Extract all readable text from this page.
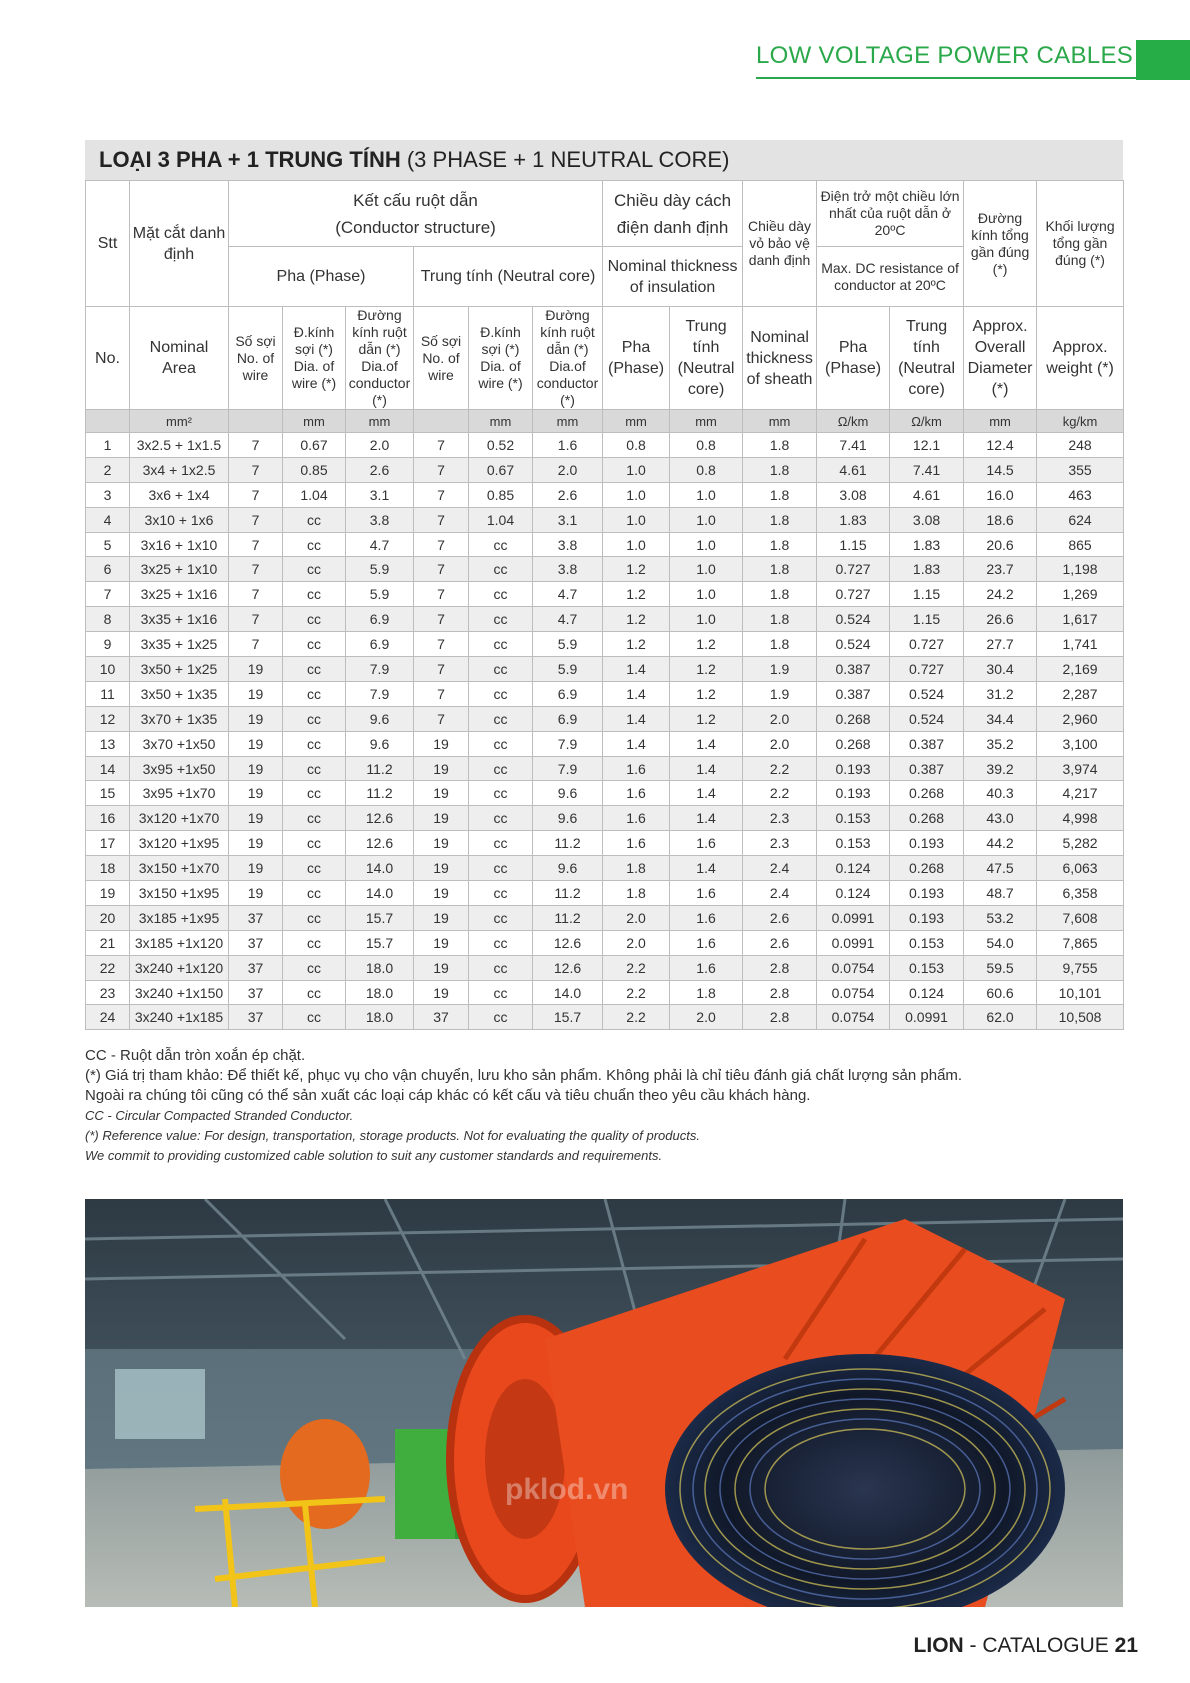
LOW VOLTAGE POWER CABLES
LOẠI 3 PHA + 1 TRUNG TÍNH (3 PHASE + 1 NEUTRAL CORE)
Stt	Mặt cắt danh định	Kết cấu ruột dẫn
(Conductor structure)						Chiều dày cách điện danh định		Chiều dày vỏ bảo vệ danh định	Điện trở một chiều lớn nhất của ruột dẫn ở 20ºC		Đường kính tổng gần đúng (*)	Khối lượng tổng gần đúng (*)
		Pha (Phase)			Trung tính (Neutral core)			Nominal thickness of insulation			Max. DC resistance of conductor at 20ºC			
No.	Nominal Area	Số sợi No. of wire	Đ.kính sợi (*) Dia. of wire (*)	Đường kính ruột dẫn (*) Dia.of conductor (*)	Số sợi No. of wire	Đ.kính sợi (*) Dia. of wire (*)	Đường kính ruột dẫn (*) Dia.of conductor (*)	Pha (Phase)	Trung tính (Neutral core)	Nominal thickness of sheath	Pha (Phase)	Trung tính (Neutral core)	Approx. Overall Diameter (*)	Approx. weight (*)
	mm²		mm	mm		mm	mm	mm	mm	mm	Ω/km	Ω/km	mm	kg/km
1	3x2.5 + 1x1.5	7	0.67	2.0	7	0.52	1.6	0.8	0.8	1.8	7.41	12.1	12.4	248
2	3x4 + 1x2.5	7	0.85	2.6	7	0.67	2.0	1.0	0.8	1.8	4.61	7.41	14.5	355
3	3x6 + 1x4	7	1.04	3.1	7	0.85	2.6	1.0	1.0	1.8	3.08	4.61	16.0	463
4	3x10 + 1x6	7	cc	3.8	7	1.04	3.1	1.0	1.0	1.8	1.83	3.08	18.6	624
5	3x16 + 1x10	7	cc	4.7	7	cc	3.8	1.0	1.0	1.8	1.15	1.83	20.6	865
6	3x25 + 1x10	7	cc	5.9	7	cc	3.8	1.2	1.0	1.8	0.727	1.83	23.7	1,198
7	3x25 + 1x16	7	cc	5.9	7	cc	4.7	1.2	1.0	1.8	0.727	1.15	24.2	1,269
8	3x35 + 1x16	7	cc	6.9	7	cc	4.7	1.2	1.0	1.8	0.524	1.15	26.6	1,617
9	3x35 + 1x25	7	cc	6.9	7	cc	5.9	1.2	1.2	1.8	0.524	0.727	27.7	1,741
10	3x50 + 1x25	19	cc	7.9	7	cc	5.9	1.4	1.2	1.9	0.387	0.727	30.4	2,169
11	3x50 + 1x35	19	cc	7.9	7	cc	6.9	1.4	1.2	1.9	0.387	0.524	31.2	2,287
12	3x70 + 1x35	19	cc	9.6	7	cc	6.9	1.4	1.2	2.0	0.268	0.524	34.4	2,960
13	3x70 +1x50	19	cc	9.6	19	cc	7.9	1.4	1.4	2.0	0.268	0.387	35.2	3,100
14	3x95 +1x50	19	cc	11.2	19	cc	7.9	1.6	1.4	2.2	0.193	0.387	39.2	3,974
15	3x95 +1x70	19	cc	11.2	19	cc	9.6	1.6	1.4	2.2	0.193	0.268	40.3	4,217
16	3x120 +1x70	19	cc	12.6	19	cc	9.6	1.6	1.4	2.3	0.153	0.268	43.0	4,998
17	3x120 +1x95	19	cc	12.6	19	cc	11.2	1.6	1.6	2.3	0.153	0.193	44.2	5,282
18	3x150 +1x70	19	cc	14.0	19	cc	9.6	1.8	1.4	2.4	0.124	0.268	47.5	6,063
19	3x150 +1x95	19	cc	14.0	19	cc	11.2	1.8	1.6	2.4	0.124	0.193	48.7	6,358
20	3x185 +1x95	37	cc	15.7	19	cc	11.2	2.0	1.6	2.6	0.0991	0.193	53.2	7,608
21	3x185 +1x120	37	cc	15.7	19	cc	12.6	2.0	1.6	2.6	0.0991	0.153	54.0	7,865
22	3x240 +1x120	37	cc	18.0	19	cc	12.6	2.2	1.6	2.8	0.0754	0.153	59.5	9,755
23	3x240 +1x150	37	cc	18.0	19	cc	14.0	2.2	1.8	2.8	0.0754	0.124	60.6	10,101
24	3x240 +1x185	37	cc	18.0	37	cc	15.7	2.2	2.0	2.8	0.0754	0.0991	62.0	10,508
CC - Ruột dẫn tròn xoắn ép chặt.
(*) Giá trị tham khảo: Để thiết kế, phục vụ cho vận chuyển, lưu kho sản phẩm. Không phải là chỉ tiêu đánh giá chất lượng sản phẩm.
Ngoài ra chúng tôi cũng có thể sản xuất các loại cáp khác có kết cấu và tiêu chuẩn theo yêu cầu khách hàng.
CC - Circular Compacted Stranded Conductor.
(*) Reference value: For design, transportation, storage products. Not for evaluating the quality of products.
We commit to providing customized cable solution to suit any customer standards and requirements.
pklod.vn
LION - CATALOGUE 21
